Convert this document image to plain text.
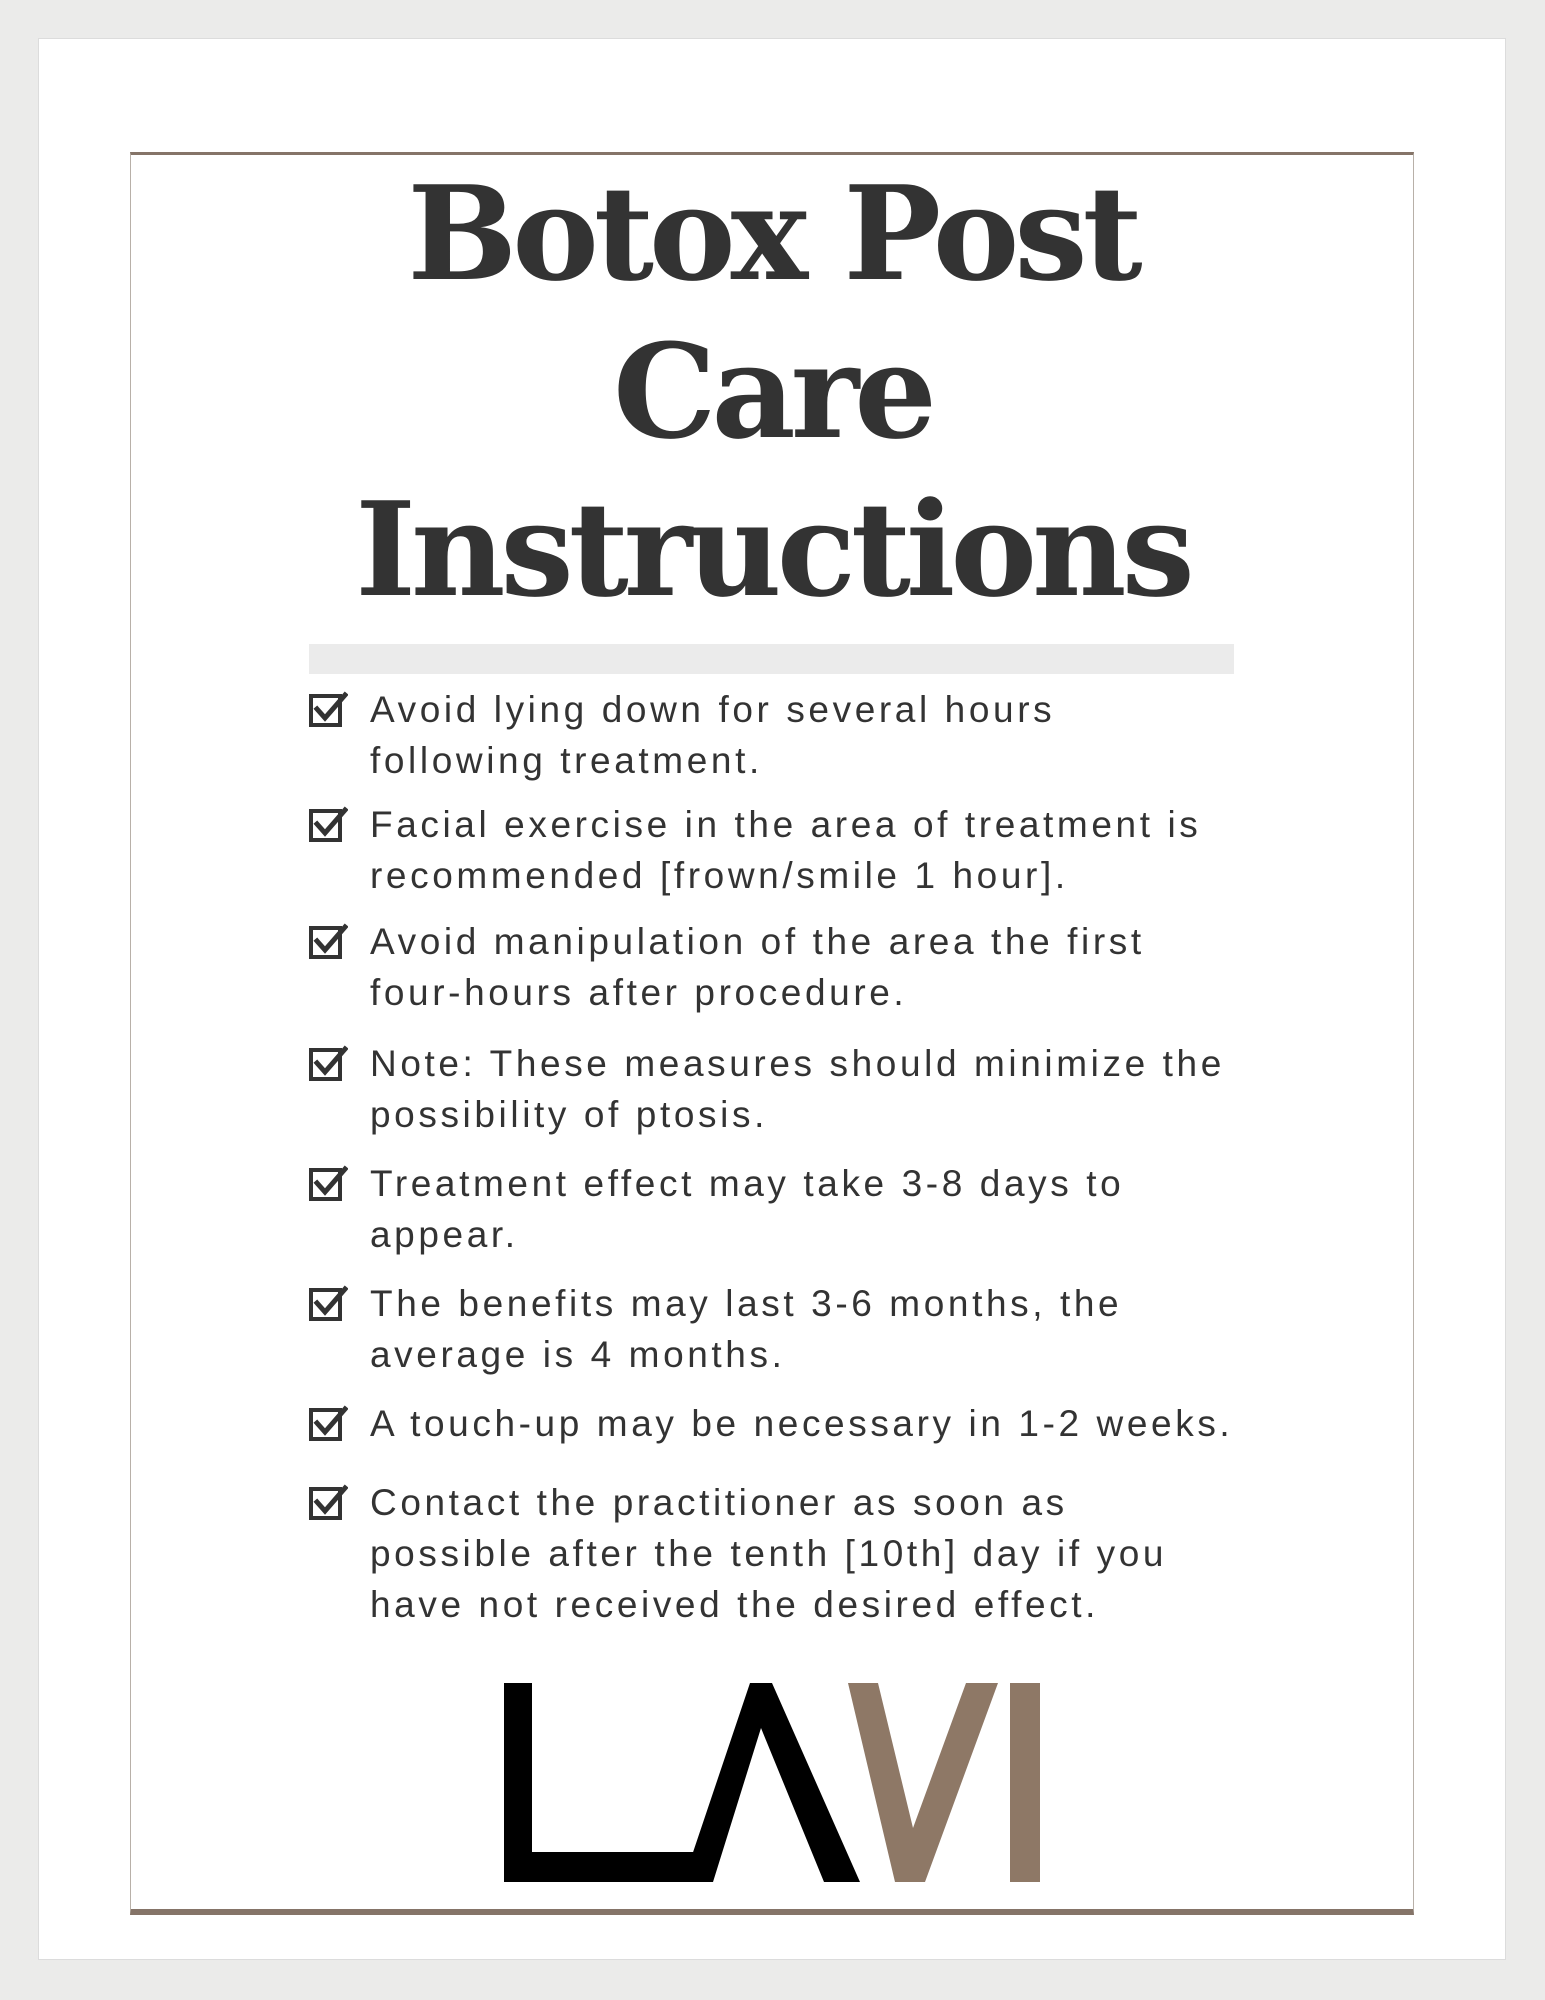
Botox Post
Care
Instructions
Avoid lying down for several hours
following treatment.
Facial exercise in the area of treatment is
recommended [frown/smile 1 hour].
Avoid manipulation of the area the first
four-hours after procedure.
Note: These measures should minimize the
possibility of ptosis.
Treatment effect may take 3-8 days to
appear.
The benefits may last 3-6 months, the
average is 4 months.
A touch-up may be necessary in 1-2 weeks.
Contact the practitioner as soon as
possible after the tenth [10th] day if you
have not received the desired effect.
